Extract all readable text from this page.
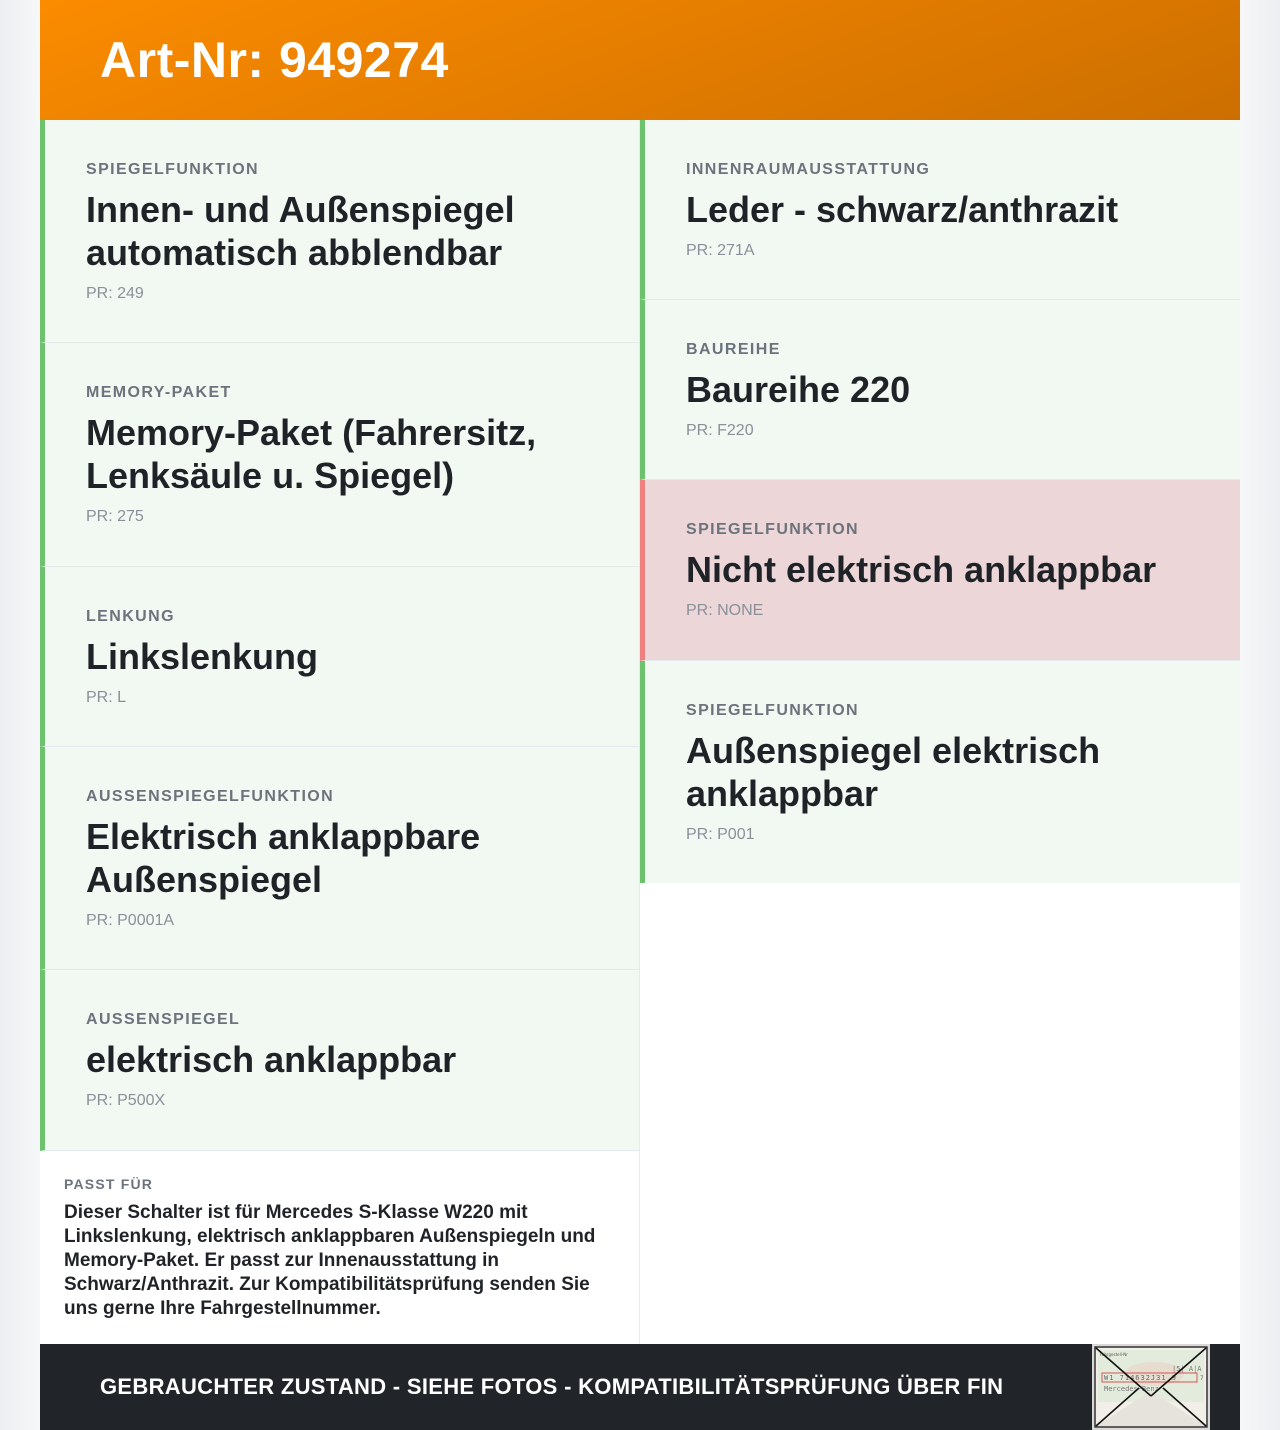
Art-Nr: 949274
SPIEGELFUNKTION
Innen- und Außenspiegel automatisch abblendbar
PR: 249
MEMORY-PAKET
Memory-Paket (Fahrersitz, Lenksäule u. Spiegel)
PR: 275
LENKUNG
Linkslenkung
PR: L
AUSSENSPIEGELFUNKTION
Elektrisch anklappbare Außenspiegel
PR: P0001A
AUSSENSPIEGEL
elektrisch anklappbar
PR: P500X
PASST FÜR
Dieser Schalter ist für Mercedes S-Klasse W220 mit Linkslenkung, elektrisch anklappbaren Außenspiegeln und Memory-Paket. Er passt zur Innenausstattung in Schwarz/Anthrazit. Zur Kompatibilitätsprüfung senden Sie uns gerne Ihre Fahrgestellnummer.
INNENRAUMAUSSTATTUNG
Leder - schwarz/anthrazit
PR: 271A
BAUREIHE
Baureihe 220
PR: F220
SPIEGELFUNKTION
Nicht elektrisch anklappbar
PR: NONE
SPIEGELFUNKTION
Außenspiegel elektrisch anklappbar
PR: P001
GEBRAUCHTER ZUSTAND - SIEHE FOTOS - KOMPATIBILITÄTSPRÜFUNG ÜBER FIN
Fahrgestell-Nr
|5| A|A
W1 714632J31 9	7
Mercedes-Benz
